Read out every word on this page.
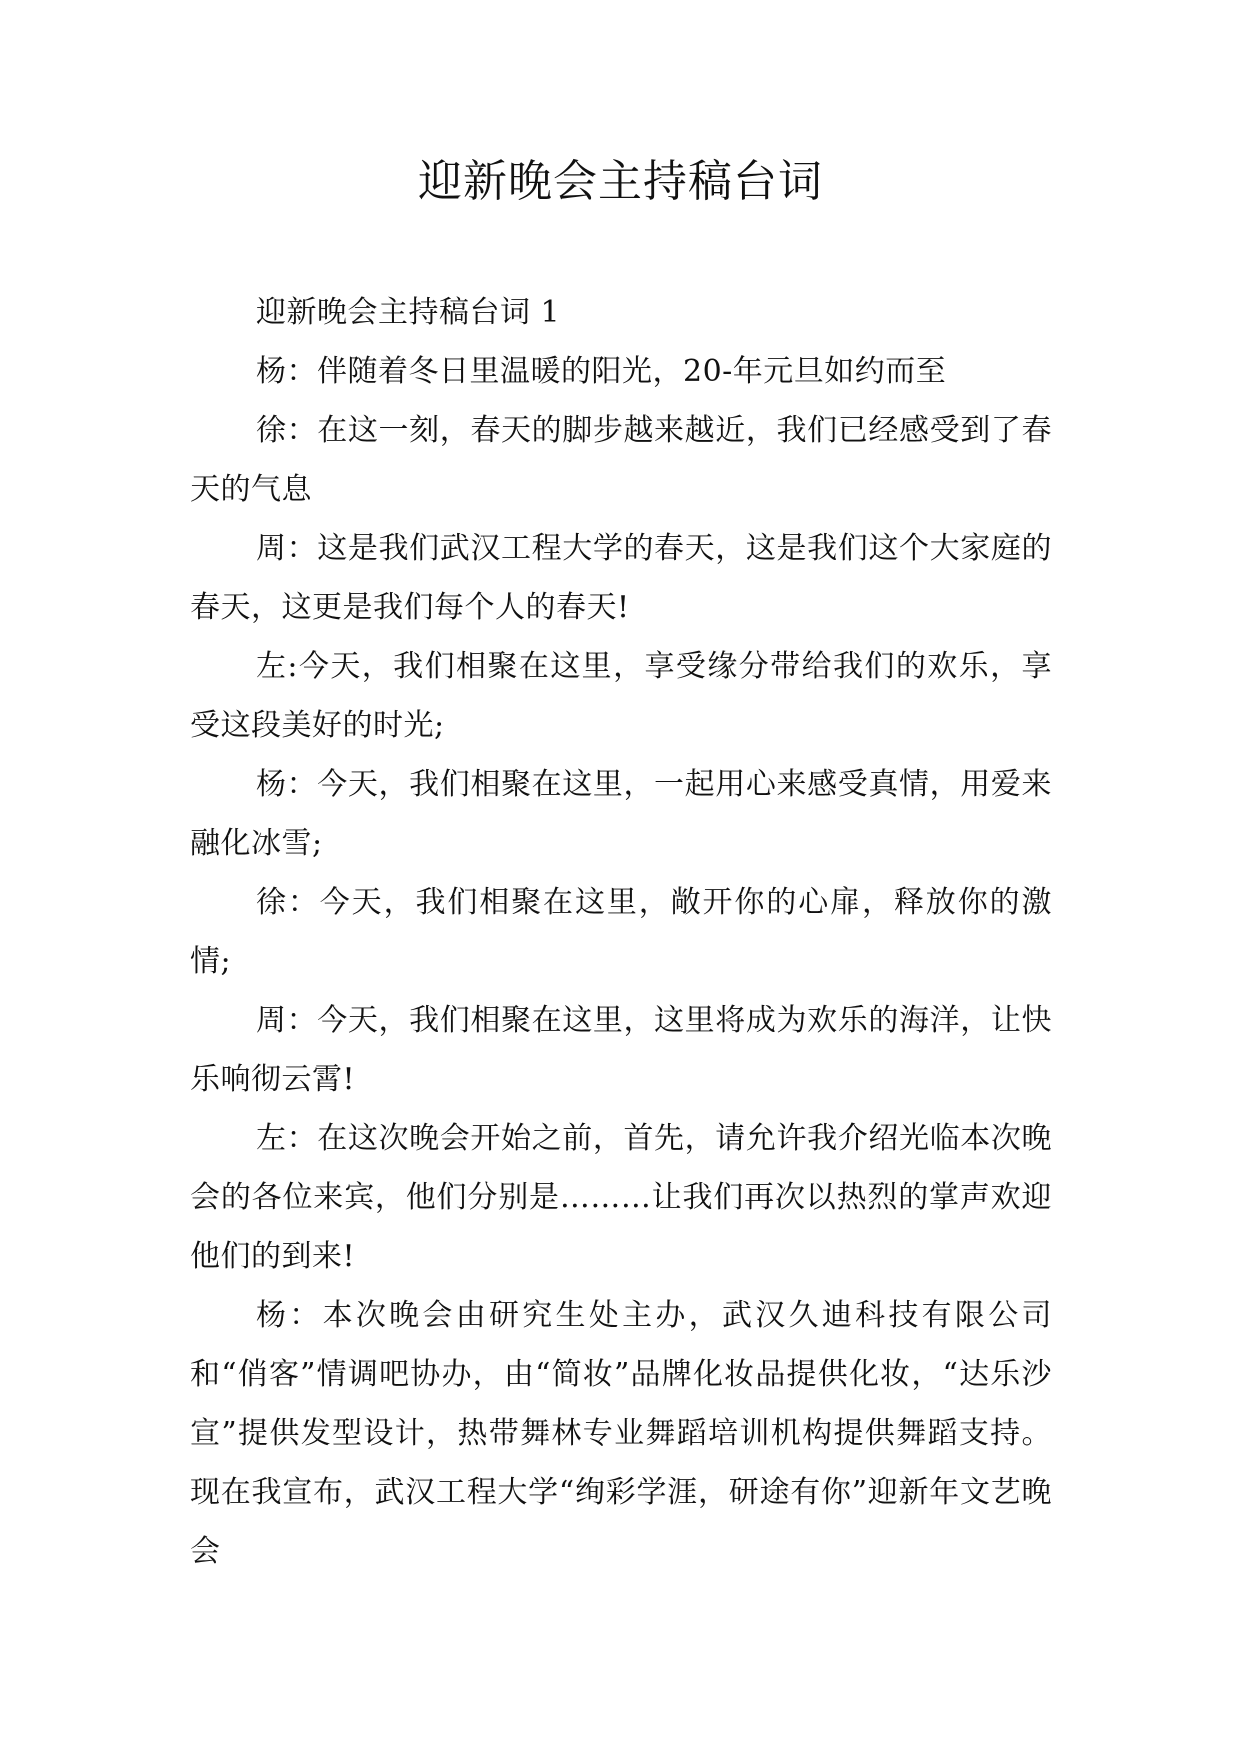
迎新晚会主持稿台词

迎新晚会主持稿台词 1

杨：伴随着冬日里温暖的阳光，20-年元旦如约而至

徐：在这一刻，春天的脚步越来越近，我们已经感受到了春天的气息

周：这是我们武汉工程大学的春天，这是我们这个大家庭的春天，这更是我们每个人的春天!

左:今天，我们相聚在这里，享受缘分带给我们的欢乐，享受这段美好的时光;

杨：今天，我们相聚在这里，一起用心来感受真情，用爱来融化冰雪;

徐：今天，我们相聚在这里，敞开你的心扉，释放你的激情;

周：今天，我们相聚在这里，这里将成为欢乐的海洋，让快乐响彻云霄!

左：在这次晚会开始之前，首先，请允许我介绍光临本次晚会的各位来宾，他们分别是………让我们再次以热烈的掌声欢迎他们的到来!

杨：本次晚会由研究生处主办，武汉久迪科技有限公司和“俏客”情调吧协办，由“简妆”品牌化妆品提供化妆，“达乐沙宣”提供发型设计，热带舞林专业舞蹈培训机构提供舞蹈支持。现在我宣布，武汉工程大学“绚彩学涯，研途有你”迎新年文艺晚会
